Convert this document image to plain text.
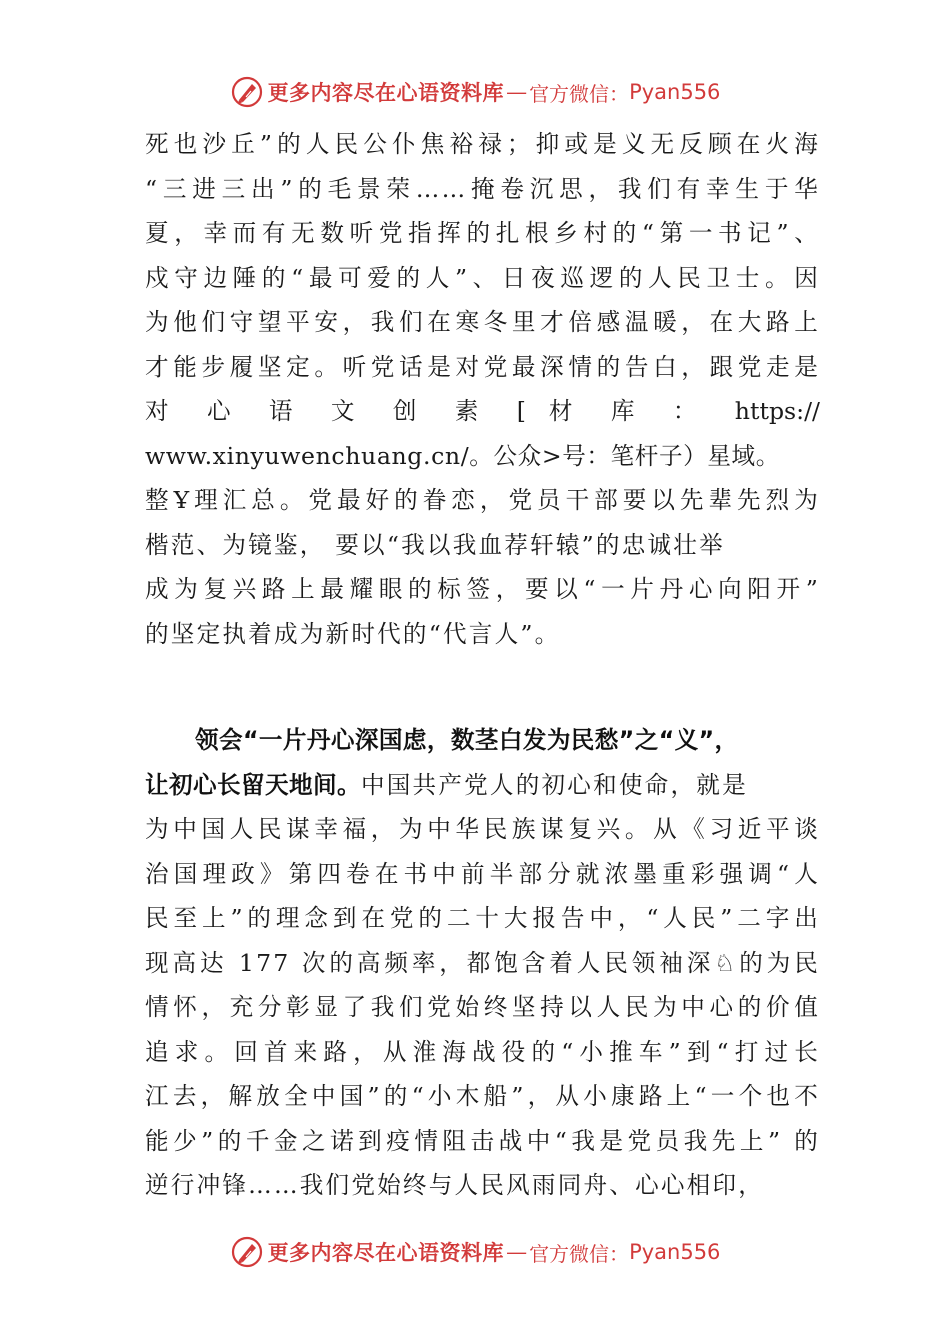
更多内容尽在心语资料库 — 官方微信： Pyan556
死也沙丘”的人民公仆焦裕禄；抑或是义无反顾在火海
“三进三出”的毛景荣……掩卷沉思，我们有幸生于华
夏，幸而有无数听党指挥的扎根乡村的“第一书记”、
戍守边陲的“最可爱的人”、日夜巡逻的人民卫士。因
为他们守望平安，我们在寒冬里才倍感温暖，在大路上
才能步履坚定。听党话是对党最深情的告白，跟党走是
对 心 语 文 创 素 [ 材 库 ： https://
www.xinyuwenchuang.cn/。公众>号：笔杆子）星域。
整Ұ理汇总。党最好的眷恋，党员干部要以先辈先烈为
楷范、为镜鉴， 要以“我以我血荐轩辕”的忠诚壮举
成为复兴路上最耀眼的标签，要以“一片丹心向阳开”
的坚定执着成为新时代的“代言人”。
领会“一片丹心深国虑，数茎白发为民愁”之“义”，
让初心长留天地间。中国共产党人的初心和使命，就是
为中国人民谋幸福，为中华民族谋复兴。从《习近平谈
治国理政》第四卷在书中前半部分就浓墨重彩强调“人
民至上”的理念到在党的二十大报告中，“人民”二字出
现高达 177 次的高频率，都饱含着人民领袖深♘的为民
情怀，充分彰显了我们党始终坚持以人民为中心的价值
追求。回首来路，从淮海战役的“小推车”到“打过长
江去，解放全中国”的“小木船”，从小康路上“一个也不
能少”的千金之诺到疫情阻击战中“我是党员我先上” 的
逆行冲锋……我们党始终与人民风雨同舟、心心相印，
更多内容尽在心语资料库 — 官方微信： Pyan556
